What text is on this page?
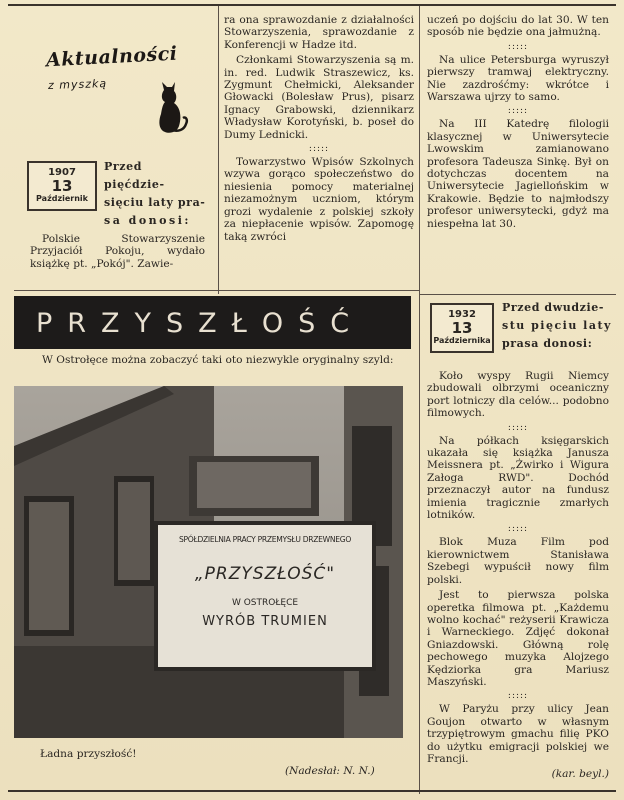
Aktualności
z myszką
1907
13
Październik
Przed pięćdzie-
sięciu laty pra-
sa donosi:

Polskie Stowarzyszenie Przyjaciół Pokoju, wydało książkę pt. „Pokój". Zawie-

ra ona sprawozdanie z działalności Stowarzyszenia, sprawozdanie z Konferencji w Hadze itd.

Członkami Stowarzyszenia są m. in. red. Ludwik Straszewicz, ks. Zygmunt Chełmicki, Aleksander Głowacki (Bolesław Prus), pisarz Ignacy Grabowski, dziennikarz Władysław Korotyński, b. poseł do Dumy Lednicki.

:::::

Towarzystwo Wpisów Szkolnych wzywa gorąco społeczeństwo do niesienia pomocy materialnej niezamożnym uczniom, którym grozi wydalenie z polskiej szkoły za niepłacenie wpisów. Zapomogę taką zwróci

uczeń po dojściu do lat 30. W ten sposób nie będzie ona jałmużną.

:::::

Na ulice Petersburga wyruszył pierwszy tramwaj elektryczny. Nie zazdrośćmy: wkrótce i Warszawa ujrzy to samo.

:::::

Na III Katedrę filologii klasycznej w Uniwersytecie Lwowskim zamianowano profesora Tadeusza Sinkę. Był on dotychczas docentem na Uniwersytecie Jagiellońskim w Krakowie. Będzie to najmłodszy profesor uniwersytecki, gdyż ma niespełna lat 30.

PRZYSZŁOŚĆ

W Ostrołęce można zobaczyć taki oto niezwykle oryginalny szyld:

SPÓŁDZIELNIA PRACY PRZEMYSŁU DRZEWNEGO
„PRZYSZŁOŚĆ"
W OSTROŁĘCE
WYRÓB TRUMIEN
Ładna przyszłość!
(Nadesłał: N. N.)
1932
13
Października
Przed dwudzie-
stu pięciu laty
prasa donosi:

Koło wyspy Rugii Niemcy zbudowali olbrzymi oceaniczny port lotniczy dla celów... podobno filmowych.

:::::

Na półkach księgarskich ukazała się książka Janusza Meissnera pt. „Żwirko i Wigura Załoga RWD". Dochód przeznaczył autor na fundusz imienia tragicznie zmarłych lotników.

:::::

Blok Muza Film pod kierownictwem Stanisława Szebegi wypuścił nowy film polski.

Jest to pierwsza polska operetka filmowa pt. „Każdemu wolno kochać" reżyserii Krawicza i Warneckiego. Zdjęć dokonał Gniazdowski. Główną rolę pechowego muzyka Alojzego Kędziorka gra Mariusz Maszyński.

:::::

W Paryżu przy ulicy Jean Goujon otwarto w własnym trzypiętrowym gmachu filię PKO do użytku emigracji polskiej we Francji.

(kar. beyl.)
